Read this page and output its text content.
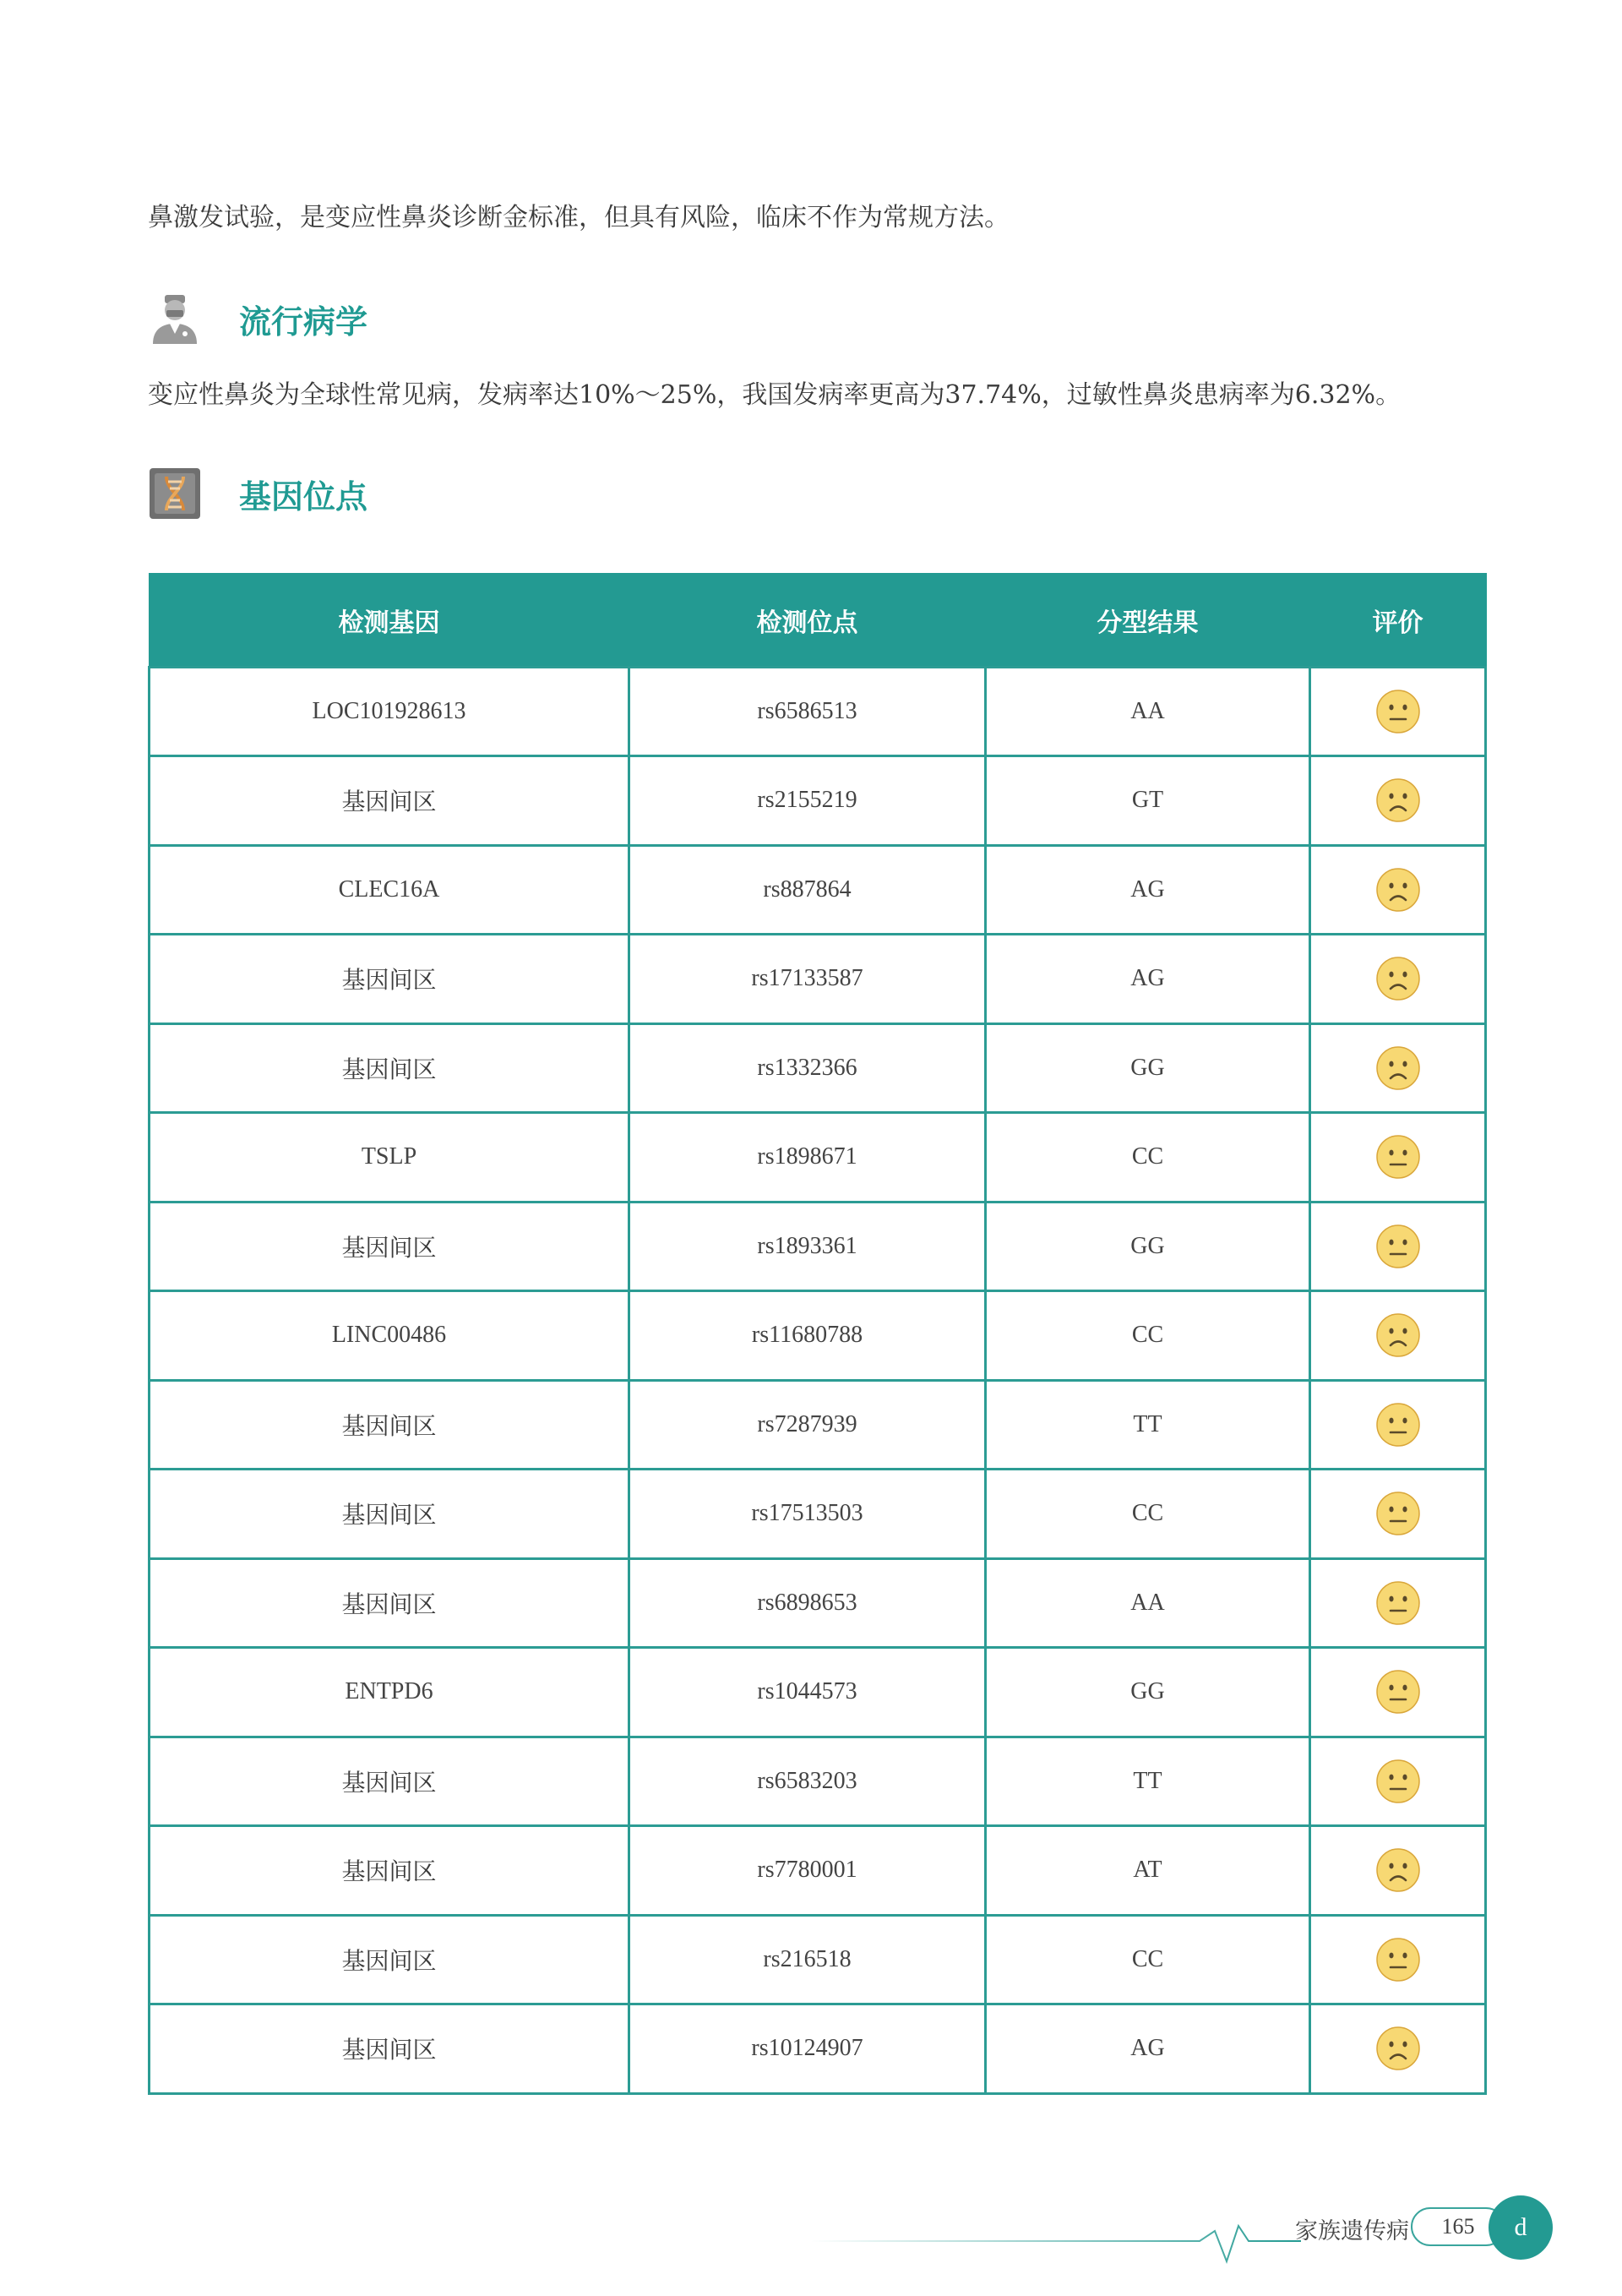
鼻激发试验，是变应性鼻炎诊断金标准，但具有风险，临床不作为常规方法。
流行病学
变应性鼻炎为全球性常见病，发病率达10%～25%，我国发病率更高为37.74%，过敏性鼻炎患病率为6.32%。
基因位点
检测基因	检测位点	分型结果	评价
LOC101928613	rs6586513	AA	
基因间区	rs2155219	GT	
CLEC16A	rs887864	AG	
基因间区	rs17133587	AG	
基因间区	rs1332366	GG	
TSLP	rs1898671	CC	
基因间区	rs1893361	GG	
LINC00486	rs11680788	CC	
基因间区	rs7287939	TT	
基因间区	rs17513503	CC	
基因间区	rs6898653	AA	
ENTPD6	rs1044573	GG	
基因间区	rs6583203	TT	
基因间区	rs7780001	AT	
基因间区	rs216518	CC	
基因间区	rs10124907	AG	
家族遗传病	165	d
